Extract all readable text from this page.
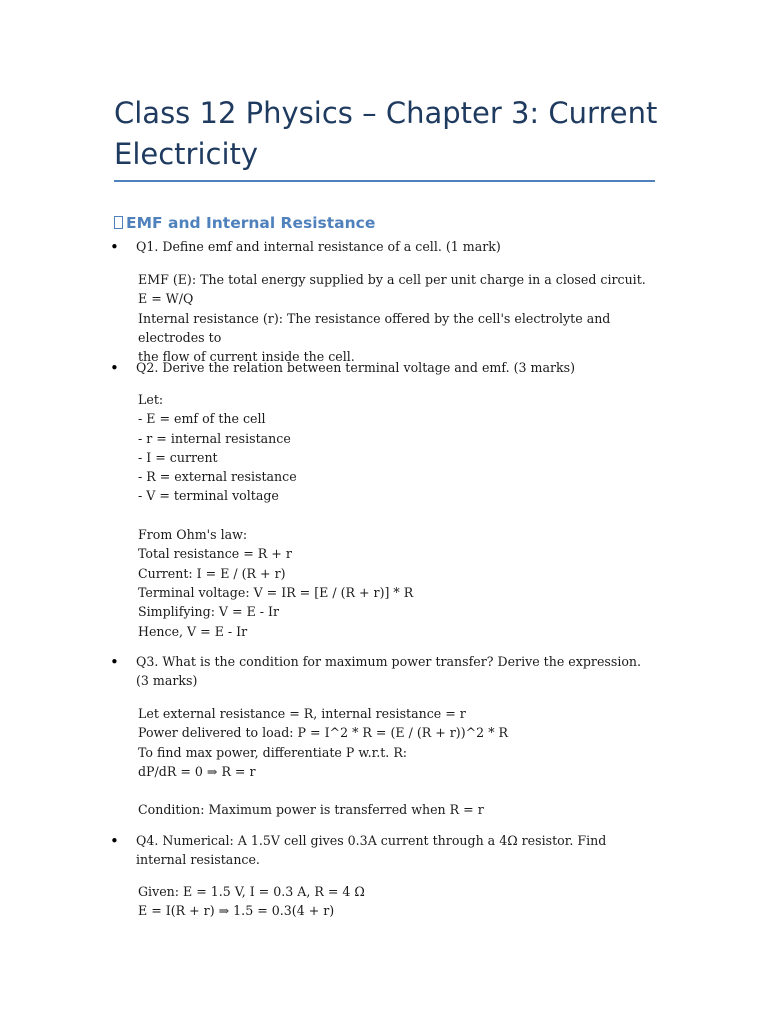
Class 12 Physics – Chapter 3: Current Electricity
EMF and Internal Resistance
• Q1. Define emf and internal resistance of a cell. (1 mark)

EMF (E): The total energy supplied by a cell per unit charge in a closed circuit.
E = W/Q
Internal resistance (r): The resistance offered by the cell's electrolyte and electrodes to
the flow of current inside the cell.
• Q2. Derive the relation between terminal voltage and emf. (3 marks)

Let:
- E = emf of the cell
- r = internal resistance
- I = current
- R = external resistance
- V = terminal voltage
From Ohm's law:
Total resistance = R + r
Current: I = E / (R + r)
Terminal voltage: V = IR = [E / (R + r)] * R
Simplifying: V = E - Ir
Hence, V = E - Ir
• Q3. What is the condition for maximum power transfer? Derive the expression. (3 marks)

Let external resistance = R, internal resistance = r
Power delivered to load: P = I^2 * R = (E / (R + r))^2 * R
To find max power, differentiate P w.r.t. R:
dP/dR = 0 ⇒ R = r
Condition: Maximum power is transferred when R = r
• Q4. Numerical: A 1.5V cell gives 0.3A current through a 4Ω resistor. Find internal resistance.

Given: E = 1.5 V, I = 0.3 A, R = 4 Ω
E = I(R + r) ⇒ 1.5 = 0.3(4 + r)
